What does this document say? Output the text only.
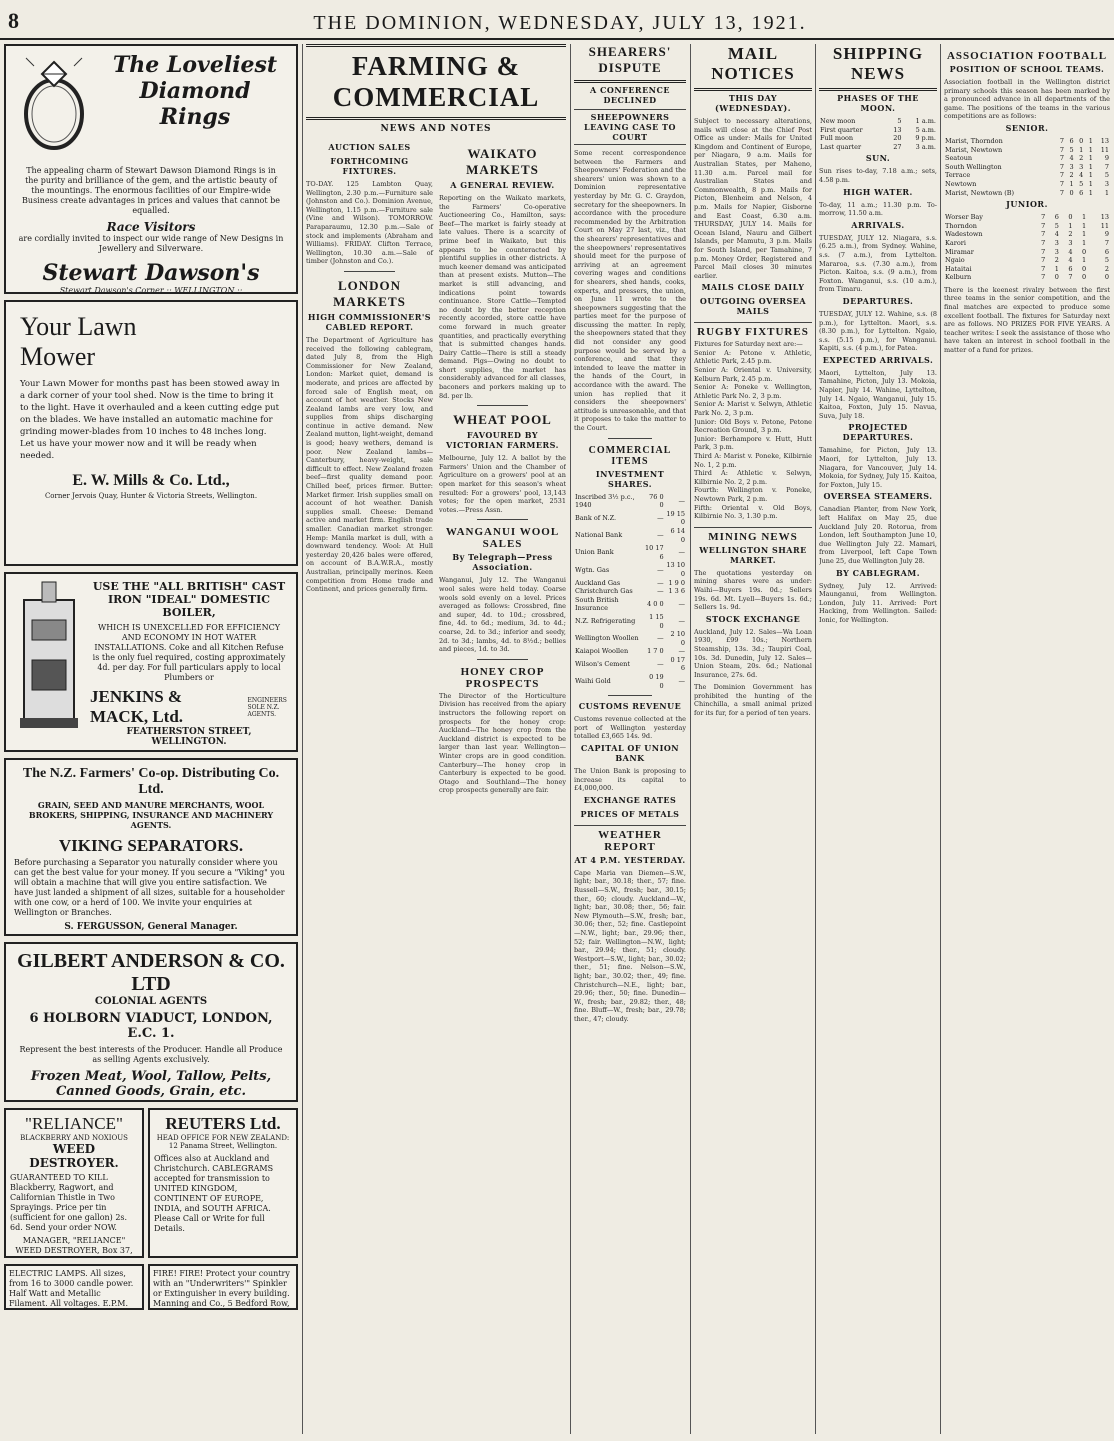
8	THE DOMINION, WEDNESDAY, JULY 13, 1921.
The Loveliest Diamond Rings

The appealing charm of Stewart Dawson Diamond Rings is in the purity and brilliance of the gem, and the artistic beauty of the mountings. The enormous facilities of our Empire-wide Business create advantages in prices and values that cannot be equalled.

Race Visitors

are cordially invited to inspect our wide range of New Designs in Jewellery and Silverware.

Stewart Dawson's
Stewart Dawson's Corner :: WELLINGTON ::
Your Lawn Mower
Your Lawn Mower for months past has been stowed away in a dark corner of your tool shed. Now is the time to bring it to the light. Have it overhauled and a keen cutting edge put on the blades. We have installed an automatic machine for grinding mower-blades from 10 inches to 48 inches long. Let us have your mower now and it will be ready when needed.
E. W. Mills & Co. Ltd.,
Corner Jervois Quay, Hunter & Victoria Streets, Wellington.
USE THE "ALL BRITISH" CAST IRON "IDEAL" DOMESTIC BOILER,

WHICH IS UNEXCELLED FOR EFFICIENCY AND ECONOMY IN HOT WATER INSTALLATIONS. Coke and all Kitchen Refuse is the only fuel required, costing approximately 4d. per day. For full particulars apply to local Plumbers or

JENKINS & MACK, Ltd.
ENGINEERS SOLE N.Z. AGENTS.
FEATHERSTON STREET, WELLINGTON.
The N.Z. Farmers' Co-op. Distributing Co. Ltd.
GRAIN, SEED AND MANURE MERCHANTS, WOOL BROKERS, SHIPPING, INSURANCE AND MACHINERY AGENTS.
VIKING SEPARATORS.

Before purchasing a Separator you naturally consider where you can get the best value for your money. If you secure a "Viking" you will obtain a machine that will give you entire satisfaction. We have just landed a shipment of all sizes, suitable for a householder with one cow, or a herd of 100. We invite your enquiries at Wellington or Branches.

S. FERGUSSON, General Manager.
GILBERT ANDERSON & CO. LTD
COLONIAL AGENTS
6 HOLBORN VIADUCT, LONDON, E.C. 1.

Represent the best interests of the Producer. Handle all Produce as selling Agents exclusively.

Frozen Meat, Wool, Tallow, Pelts, Canned Goods, Grain, etc.

"RELIANCE"
BLACKBERRY AND NOXIOUS
WEED DESTROYER.

GUARANTEED TO KILL Blackberry, Ragwort, and Californian Thistle in Two Sprayings. Price per tin (sufficient for one gallon) 2s. 6d. Send your order NOW.

MANAGER, "RELIANCE" WEED DESTROYER, Box 37,

ELECTRIC LAMPS. All sizes, from 16 to 3000 candle power. Half Watt and Metallic Filament. All voltages. E.P.M.

REUTERS Ltd.
HEAD OFFICE FOR NEW ZEALAND: 12 Panama Street, Wellington.

Offices also at Auckland and Christchurch. CABLEGRAMS accepted for transmission to UNITED KINGDOM, CONTINENT OF EUROPE, INDIA, and SOUTH AFRICA. Please Call or Write for full Details.

FIRE! FIRE! Protect your country with an "Underwriters'" Spinkler or Extinguisher in every building. Manning and Co., 5 Bedford Row,

FARMING & COMMERCIAL
NEWS AND NOTES
AUCTION SALES
FORTHCOMING FIXTURES.
TO-DAY. 125 Lambton Quay, Wellington, 2.30 p.m.—Furniture sale (Johnston and Co.). Dominion Avenue, Wellington, 1.15 p.m.—Furniture sale (Vine and Wilson). TOMORROW. Paraparaumu, 12.30 p.m.—Sale of stock and implements (Abraham and Williams). FRIDAY. Clifton Terrace, Wellington, 10.30 a.m.—Sale of timber (Johnston and Co.).
LONDON MARKETS
HIGH COMMISSIONER'S CABLED REPORT.
The Department of Agriculture has received the following cablegram, dated July 8, from the High Commissioner for New Zealand, London: Market quiet, demand is moderate, and prices are affected by forced sale of English meat, on account of hot weather. Stocks New Zealand lambs are very low, and supplies from ships discharging continue in active demand. New Zealand mutton, light-weight, demand is good; heavy wethers, demand is poor. New Zealand lambs—Canterbury, heavy-weight, sale difficult to effect. New Zealand frozen beef—first quality demand poor. Chilled beef, prices firmer. Butter: Market firmer. Irish supplies small on account of hot weather. Danish supplies small. Cheese: Demand active and market firm. English trade smaller. Canadian market stronger. Hemp: Manila market is dull, with a downward tendency. Wool: At Hull yesterday 20,426 bales were offered, on account of B.A.W.R.A., mostly Australian, principally merinos. Keen competition from Home trade and Continent, and prices generally firm.
WAIKATO MARKETS
A GENERAL REVIEW.
Reporting on the Waikato markets, the Farmers' Co-operative Auctioneering Co., Hamilton, says: Beef—The market is fairly steady at late values. There is a scarcity of prime beef in Waikato, but this appears to be counteracted by plentiful supplies in other districts. A much keener demand was anticipated than at present exists. Mutton—The market is still advancing, and indications point towards continuance. Store Cattle—Tempted no doubt by the better reception recently accorded, store cattle have come forward in much greater quantities, and practically everything that is submitted changes hands. Dairy Cattle—There is still a steady demand. Pigs—Owing no doubt to short supplies, the market has considerably advanced for all classes, baconers and porkers making up to 8d. per lb.
WHEAT POOL
FAVOURED BY VICTORIAN FARMERS.
Melbourne, July 12. A ballot by the Farmers' Union and the Chamber of Agriculture on a growers' pool at an open market for this season's wheat resulted: For a growers' pool, 13,143 votes; for the open market, 2531 votes.—Press Assn.
WANGANUI WOOL SALES
By Telegraph—Press Association.
Wanganui, July 12. The Wanganui wool sales were held today. Coarse wools sold evenly on a level. Prices averaged as follows: Crossbred, fine and super, 4d. to 10d.; crossbred, fine, 4d. to 6d.; medium, 3d. to 4d.; coarse, 2d. to 3d.; inferior and seedy, 2d. to 3d.; lambs, 4d. to 8½d.; bellies and pieces, 1d. to 3d.
HONEY CROP PROSPECTS
The Director of the Horticulture Division has received from the apiary instructors the following report on prospects for the honey crop: Auckland—The honey crop from the Auckland district is expected to be larger than last year. Wellington—Winter crops are in good condition. Canterbury—The honey crop in Canterbury is expected to be good. Otago and Southland—The honey crop prospects generally are fair.
SHEARERS' DISPUTE
A CONFERENCE DECLINED
SHEEPOWNERS LEAVING CASE TO COURT
Some recent correspondence between the Farmers and Sheepowners' Federation and the shearers' union was shown to a Dominion representative yesterday by Mr. G. C. Graydon, secretary for the sheepowners. In accordance with the procedure recommended by the Arbitration Court on May 27 last, viz., that the shearers' representatives and the sheepowners' representatives should meet for the purpose of arriving at an agreement covering wages and conditions for shearers, shed hands, cooks, experts, and pressers, the union, on June 11 wrote to the sheepowners suggesting that the parties meet for the purpose of discussing the matter. In reply, the sheepowners stated that they did not consider any good purpose would be served by a conference, and that they intended to leave the matter in the hands of the Court, in accordance with the award. The union has replied that it considers the sheepowners' attitude is unreasonable, and that it proposes to take the matter to the Court.
COMMERCIAL ITEMS
INVESTMENT SHARES.
Inscribed 3½ p.c., 1940	76 0 0	—
Bank of N.Z.	—	19 15 0
National Bank	—	6 14 0
Union Bank	10 17 6	—
Wgtn. Gas	—	13 10 0
Auckland Gas	—	1 9 0
Christchurch Gas	—	1 3 6
South British Insurance	4 0 0	—
N.Z. Refrigerating	1 15 0	—
Wellington Woollen	—	2 10 0
Kaiapoi Woollen	1 7 0	—
Wilson's Cement	—	0 17 6
Waihi Gold	0 19 0	—
CUSTOMS REVENUE
Customs revenue collected at the port of Wellington yesterday totalled £3,665 14s. 9d.
CAPITAL OF UNION BANK
The Union Bank is proposing to increase its capital to £4,000,000.
EXCHANGE RATES
PRICES OF METALS
WEATHER REPORT
AT 4 P.M. YESTERDAY.
Cape Maria van Diemen—S.W., light; bar., 30.18; ther., 57; fine. Russell—S.W., fresh; bar., 30.15; ther., 60; cloudy. Auckland—W., light; bar., 30.08; ther., 56; fair. New Plymouth—S.W., fresh; bar., 30.06; ther., 52; fine. Castlepoint—N.W., light; bar., 29.96; ther., 52; fair. Wellington—N.W., light; bar., 29.94; ther., 51; cloudy. Westport—S.W., light; bar., 30.02; ther., 51; fine. Nelson—S.W., light; bar., 30.02; ther., 49; fine. Christchurch—N.E., light; bar., 29.96; ther., 50; fine. Dunedin—W., fresh; bar., 29.82; ther., 48; fine. Bluff—W., fresh; bar., 29.78; ther., 47; cloudy.
MAIL NOTICES
THIS DAY (WEDNESDAY).
Subject to necessary alterations, mails will close at the Chief Post Office as under: Mails for United Kingdom and Continent of Europe, per Niagara, 9 a.m. Mails for Australian States, per Maheno, 11.30 a.m. Parcel mail for Australian States and Commonwealth, 8 p.m. Mails for Picton, Blenheim and Nelson, 4 p.m. Mails for Napier, Gisborne and East Coast, 6.30 a.m. THURSDAY, JULY 14. Mails for Ocean Island, Nauru and Gilbert Islands, per Mamutu, 3 p.m. Mails for South Island, per Tamahine, 7 p.m. Money Order, Registered and Parcel Mail closes 30 minutes earlier.
MAILS CLOSE DAILY
OUTGOING OVERSEA MAILS
RUGBY FIXTURES
Fixtures for Saturday next are:—
Senior A: Petone v. Athletic, Athletic Park, 2.45 p.m.
Senior A: Oriental v. University, Kelburn Park, 2.45 p.m.
Senior A: Poneke v. Wellington, Athletic Park No. 2, 3 p.m.
Senior A: Marist v. Selwyn, Athletic Park No. 2, 3 p.m.
Junior: Old Boys v. Petone, Petone Recreation Ground, 3 p.m.
Junior: Berhampore v. Hutt, Hutt Park, 3 p.m.
Third A: Marist v. Poneke, Kilbirnie No. 1, 2 p.m.
Third A: Athletic v. Selwyn, Kilbirnie No. 2, 2 p.m.
Fourth: Wellington v. Poneke, Newtown Park, 2 p.m.
Fifth: Oriental v. Old Boys, Kilbirnie No. 3, 1.30 p.m.
MINING NEWS
WELLINGTON SHARE MARKET.
The quotations yesterday on mining shares were as under: Waihi—Buyers 19s. 0d.; Sellers 19s. 6d. Mt. Lyell—Buyers 1s. 6d.; Sellers 1s. 9d.
STOCK EXCHANGE
Auckland, July 12. Sales—Wa Loan 1930, £99 10s.; Northern Steamship, 13s. 3d.; Taupiri Coal, 10s. 3d. Dunedin, July 12. Sales—Union Steam, 20s. 6d.; National Insurance, 27s. 6d.
The Dominion Government has prohibited the hunting of the Chinchilla, a small animal prized for its fur, for a period of ten years.
SHIPPING NEWS
PHASES OF THE MOON.
New moon	5	1 a.m.
First quarter	13	5 a.m.
Full moon	20	9 p.m.
Last quarter	27	3 a.m.
SUN.
Sun rises to-day, 7.18 a.m.; sets, 4.58 p.m.
HIGH WATER.
To-day, 11 a.m.; 11.30 p.m. To-morrow, 11.50 a.m.
ARRIVALS.
TUESDAY, JULY 12. Niagara, s.s. (6.25 a.m.), from Sydney. Wahine, s.s. (7 a.m.), from Lyttelton. Mararoa, s.s. (7.30 a.m.), from Picton. Kaitoa, s.s. (9 a.m.), from Foxton. Wanganui, s.s. (10 a.m.), from Timaru.
DEPARTURES.
TUESDAY, JULY 12. Wahine, s.s. (8 p.m.), for Lyttelton. Maori, s.s. (8.30 p.m.), for Lyttelton. Ngaio, s.s. (5.15 p.m.), for Wanganui. Kapiti, s.s. (4 p.m.), for Patea.
EXPECTED ARRIVALS.
Maori, Lyttelton, July 13. Tamahine, Picton, July 13. Mokoia, Napier, July 14. Wahine, Lyttelton, July 14. Ngaio, Wanganui, July 15. Kaitoa, Foxton, July 15. Navua, Suva, July 18.
PROJECTED DEPARTURES.
Tamahine, for Picton, July 13. Maori, for Lyttelton, July 13. Niagara, for Vancouver, July 14. Mokoia, for Sydney, July 15. Kaitoa, for Foxton, July 15.
OVERSEA STEAMERS.
Canadian Planter, from New York, left Halifax on May 25, due Auckland July 20. Rotorua, from London, left Southampton June 10, due Wellington July 22. Mamari, from Liverpool, left Cape Town June 25, due Wellington July 28.
BY CABLEGRAM.
Sydney, July 12. Arrived: Maunganui, from Wellington. London, July 11. Arrived: Port Hacking, from Wellington. Sailed: Ionic, for Wellington.
ASSOCIATION FOOTBALL
POSITION OF SCHOOL TEAMS.
Association football in the Wellington district primary schools this season has been marked by a pronounced advance in all departments of the game. The positions of the teams in the various competitions are as follows:
SENIOR.
Marist, Thorndon	7	6	0	1	13
Marist, Newtown	7	5	1	1	11
Seatoun	7	4	2	1	9
South Wellington	7	3	3	1	7
Terrace	7	2	4	1	5
Newtown	7	1	5	1	3
Marist, Newtown (B)	7	0	6	1	1
JUNIOR.
Worser Bay	7	6	0	1	13
Thorndon	7	5	1	1	11
Wadestown	7	4	2	1	9
Karori	7	3	3	1	7
Miramar	7	3	4	0	6
Ngaio	7	2	4	1	5
Hataitai	7	1	6	0	2
Kelburn	7	0	7	0	0
There is the keenest rivalry between the first three teams in the senior competition, and the final matches are expected to produce some excellent football. The fixtures for Saturday next are as follows. NO PRIZES FOR FIVE YEARS. A teacher writes: I seek the assistance of those who have taken an interest in school football in the matter of a fund for prizes.
